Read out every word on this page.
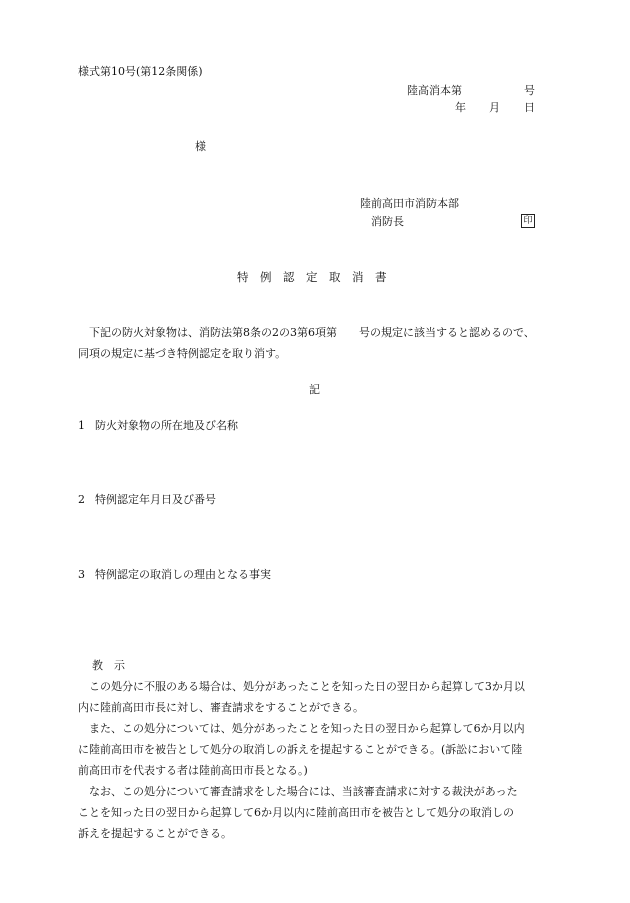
様式第10号(第12条関係)
陸高消本第	号
年 月 日
様
陸前高田市消防本部
消防長	印
特　例　認　定　取　消　書
下記の防火対象物は、消防法第8条の2の3第6項第　　号の規定に該当すると認めるので、
同項の規定に基づき特例認定を取り消す。
記
1 防火対象物の所在地及び名称
2 特例認定年月日及び番号
3 特例認定の取消しの理由となる事実
教　示
この処分に不服のある場合は、処分があったことを知った日の翌日から起算して3か月以
内に陸前高田市長に対し、審査請求をすることができる。
また、この処分については、処分があったことを知った日の翌日から起算して6か月以内
に陸前高田市を被告として処分の取消しの訴えを提起することができる。(訴訟において陸
前高田市を代表する者は陸前高田市長となる。)
なお、この処分について審査請求をした場合には、当該審査請求に対する裁決があった
ことを知った日の翌日から起算して6か月以内に陸前高田市を被告として処分の取消しの
訴えを提起することができる。
